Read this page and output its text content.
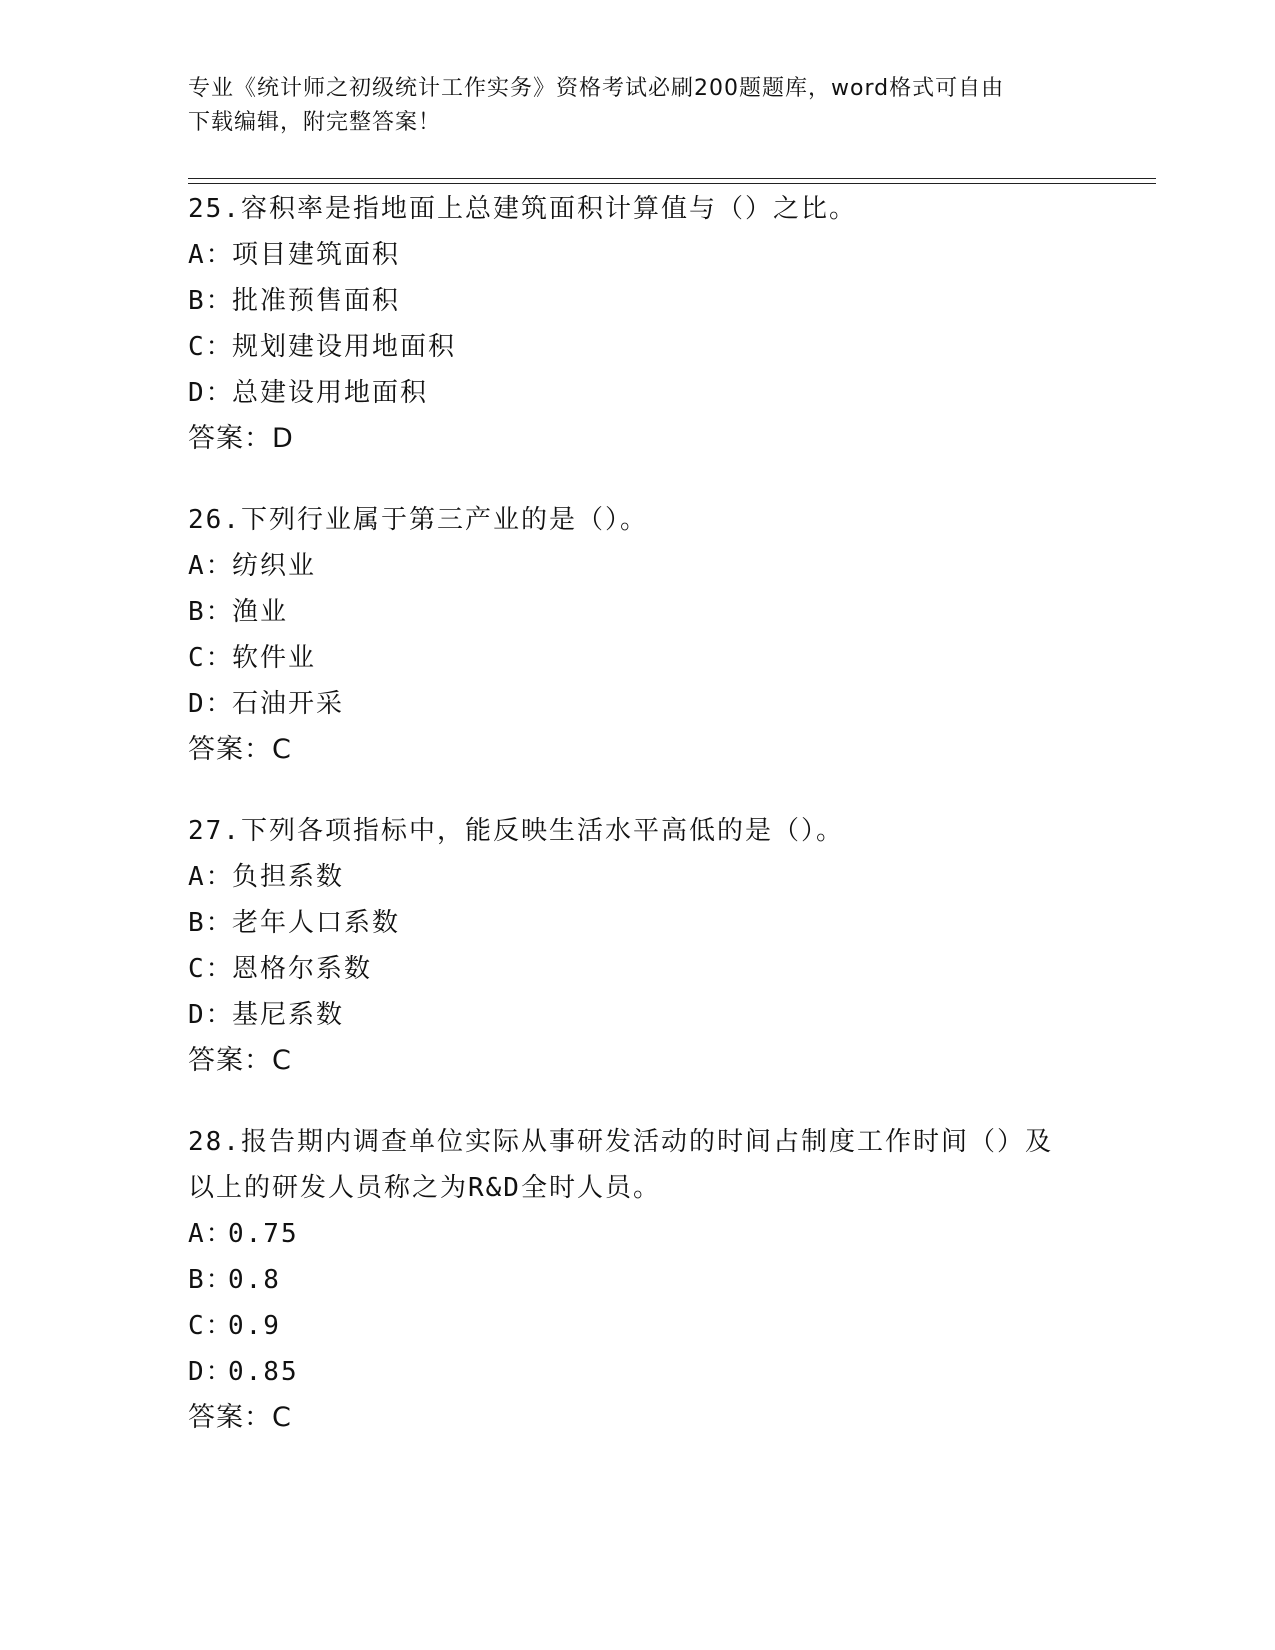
专业《统计师之初级统计工作实务》资格考试必刷200题题库，word格式可自由
下载编辑，附完整答案！

25.容积率是指地面上总建筑面积计算值与（）之比。

A：
项目建筑面积

B：
批准预售面积

C：
规划建设用地面积

D：
总建设用地面积

答案：D

26.下列行业属于第三产业的是（）。

A：
纺织业

B：
渔业

C：
软件业

D：
石油开采

答案：C

27.下列各项指标中，能反映生活水平高低的是（）。

A：
负担系数

B：
老年人口系数

C：
恩格尔系数

D：
基尼系数

答案：C

28.报告期内调查单位实际从事研发活动的时间占制度工作时间（）及

以上的研发人员称之为R&D全时人员。

A：
0.75

B：
0.8

C：
0.9

D：
0.85

答案：C
